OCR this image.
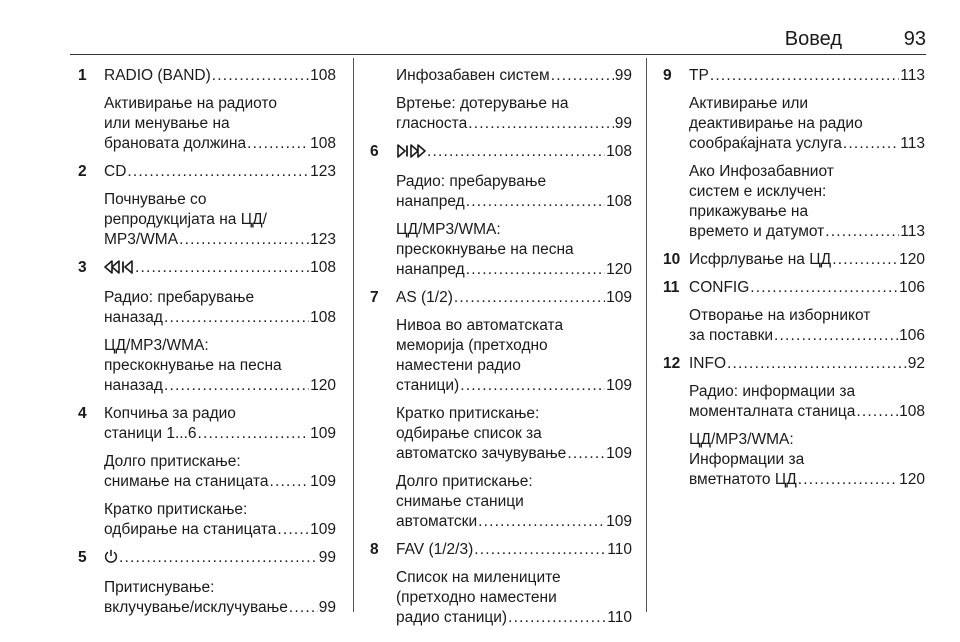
Вовед	93
1 RADIO (BAND) .....	108
Активирање на радиото
или менување на
брановата должина .....	108
2 CD .....	123
Почнување со
репродукцијата на ЦД/
MP3/WMA .....	123
3 .....	108
Радио: пребарување
наназад .....	108
ЦД/MP3/WMA:
прескокнување на песна
наназад .....	120
4 Копчиња за радио
станици 1...6 .....	109
Долго притискање:
снимање на станицата .....	109
Кратко притискање:
одбирање на станицата ..... 109
5 .....	99
Притиснување:
вклучување/исклучување ..... 99
Инфозабавен систем .....	99
Вртење: дотерување на
гласноста .....	99
6 .....	108
Радио: пребарување
нанапред .....	108
ЦД/MP3/WMA:
прескокнување на песна
нанапред .....	120
7 AS (1/2) .....	109
Нивоа во автоматската
меморија (претходно
наместени радио
станици) .....	109
Кратко притискање:
одбирање список за
автоматско зачувување .....	109
Долго притискање:
снимање станици
автоматски .....	109
8 FAV (1/2/3) .....	110
Список на милениците
(претходно наместени
радио станици) .....	110
9 TP .....	113
Активирање или
деактивирање на радио
сообраќајната услуга .....	113
Ако Инфозабавниот
систем е исклучен:
прикажување на
времето и датумот .....	113
10 Исфрлување на ЦД .....	120
11 CONFIG .....	106
Отворање на изборникот
за поставки .....	106
12 INFO .....	92
Радио: информации за
моменталната станица .....	108
ЦД/MP3/WMA:
Информации за
вметнатото ЦД .....	120
